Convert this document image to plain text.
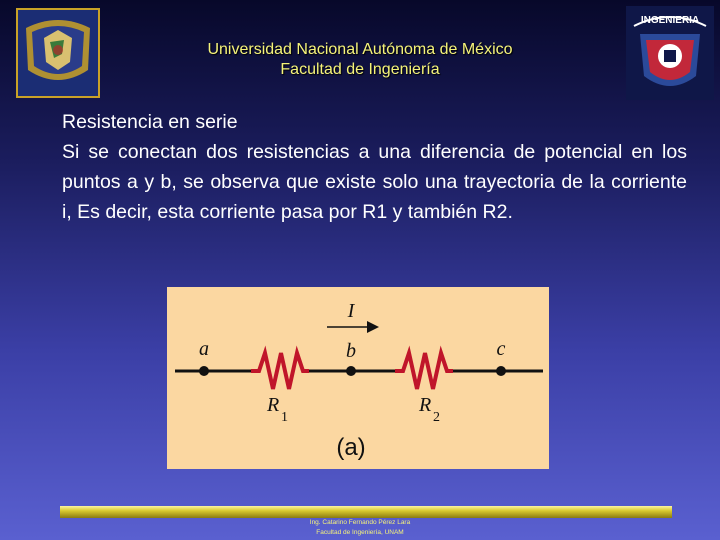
INGENIERIA
Universidad Nacional Autónoma de México
Facultad de Ingeniería
Resistencia en serie
Si se conectan dos resistencias a una diferencia de potencial en los puntos a y b, se observa que existe solo una trayectoria de la corriente i, Es decir, esta corriente pasa por R1 y también R2.
I
a	b	c
R
1
R
2
(a)
Ing. Catarino Fernando Pérez Lara
Facultad de Ingeniería, UNAM
